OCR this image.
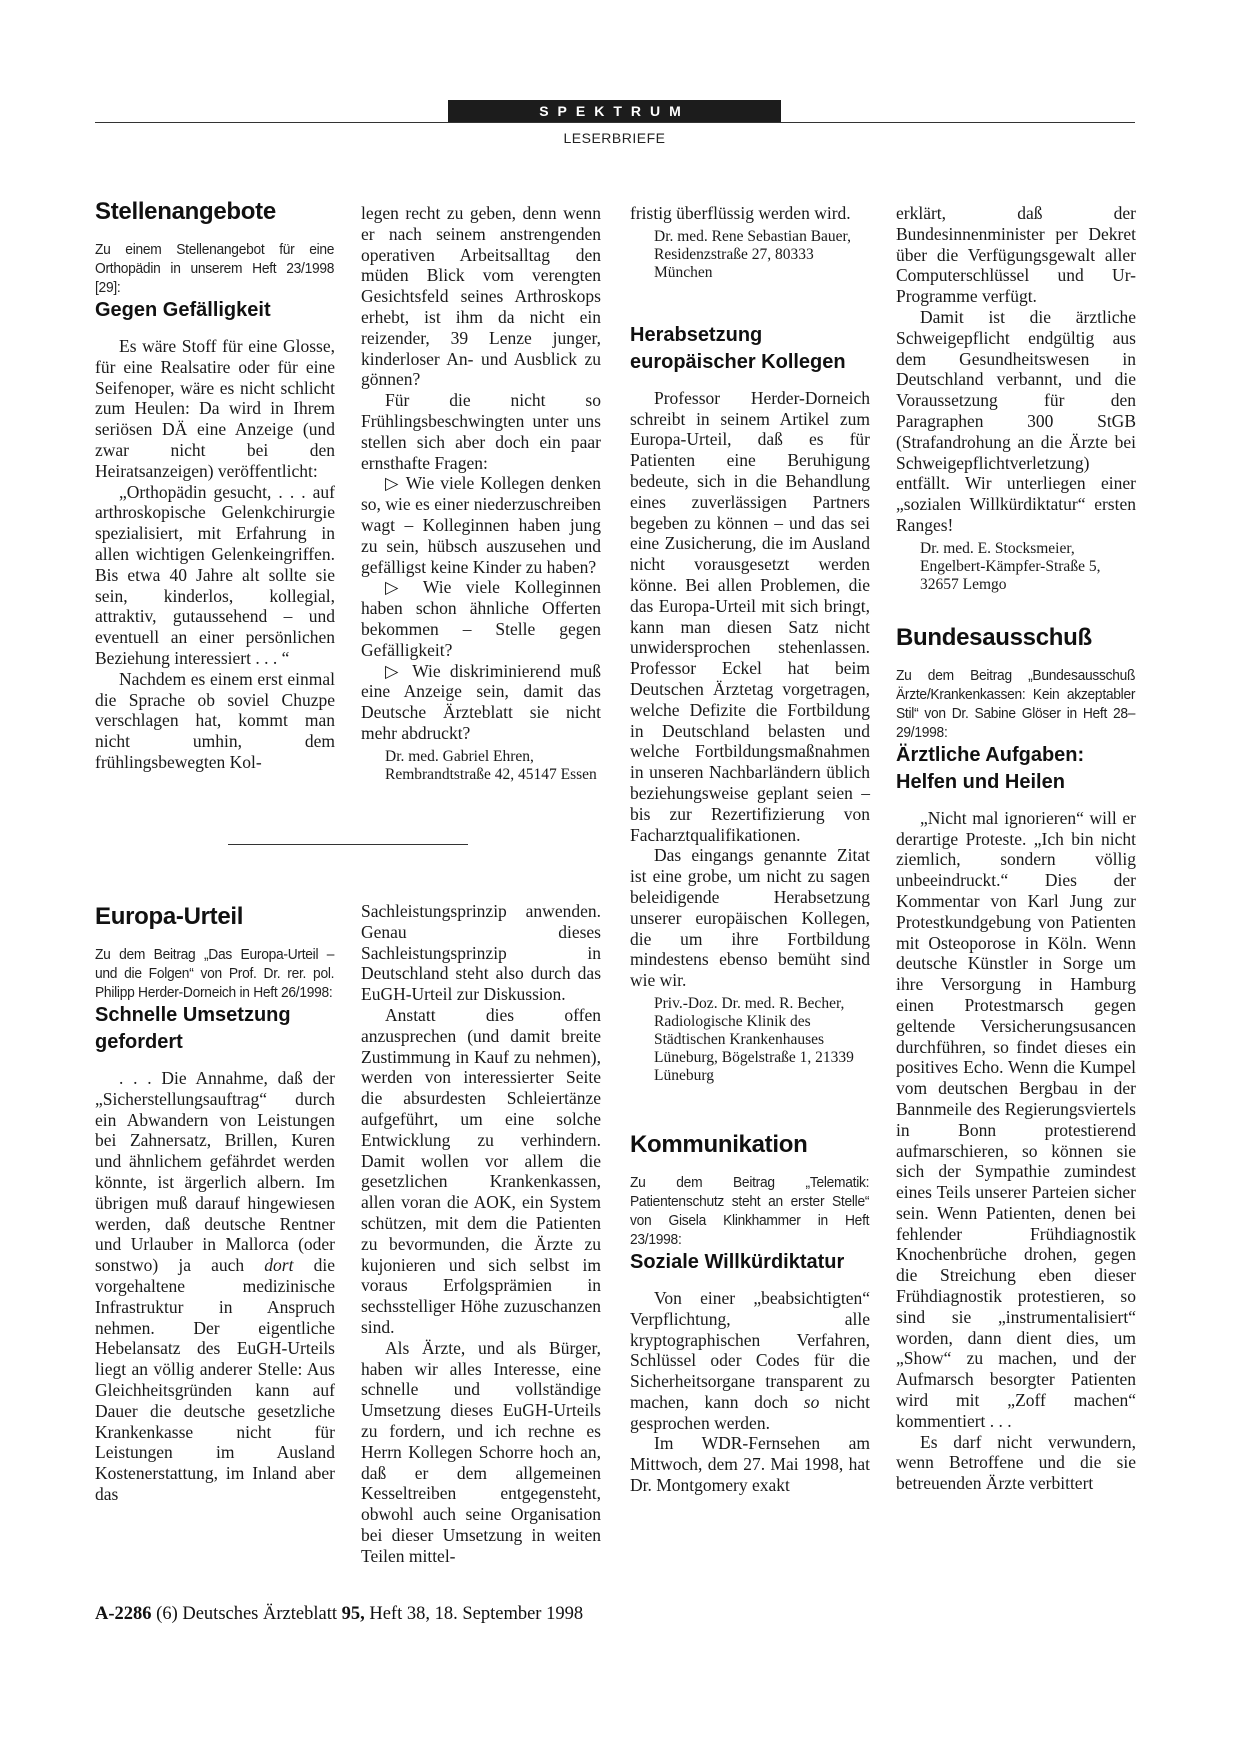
SPEKTRUM
LESERBRIEFE
Stellenangebote

Zu einem Stellenangebot für eine Orthopädin in unserem Heft 23/1998 [29]:

Gegen Gefälligkeit

Es wäre Stoff für eine Glosse, für eine Realsatire oder für eine Seifenoper, wäre es nicht schlicht zum Heulen: Da wird in Ihrem seriösen DÄ eine Anzeige (und zwar nicht bei den Heiratsanzeigen) veröffentlicht:

„Orthopädin gesucht, . . . auf arthroskopische Gelenkchirurgie spezialisiert, mit Erfahrung in allen wichtigen Gelenkeingriffen. Bis etwa 40 Jahre alt sollte sie sein, kinderlos, kollegial, attraktiv, gutaussehend – und eventuell an einer persönlichen Beziehung interessiert . . . “

Nachdem es einem erst einmal die Sprache ob soviel Chuzpe verschlagen hat, kommt man nicht umhin, dem frühlingsbewegten Kol-

legen recht zu geben, denn wenn er nach seinem anstrengenden operativen Arbeitsalltag den müden Blick vom verengten Gesichtsfeld seines Arthroskops erhebt, ist ihm da nicht ein reizender, 39 Lenze junger, kinderloser An- und Ausblick zu gönnen?

Für die nicht so Frühlingsbeschwingten unter uns stellen sich aber doch ein paar ernsthafte Fragen:

▷ Wie viele Kollegen denken so, wie es einer niederzuschreiben wagt – Kolleginnen haben jung zu sein, hübsch auszusehen und gefälligst keine Kinder zu haben?

▷ Wie viele Kolleginnen haben schon ähnliche Offerten bekommen – Stelle gegen Gefälligkeit?

▷ Wie diskriminierend muß eine Anzeige sein, damit das Deutsche Ärzteblatt sie nicht mehr abdruckt?

Dr. med. Gabriel Ehren, Rembrandtstraße 42, 45147 Essen

Europa-Urteil

Zu dem Beitrag „Das Europa-Urteil – und die Folgen“ von Prof. Dr. rer. pol. Philipp Herder-Dorneich in Heft 26/1998:

Schnelle Umsetzung gefordert

. . . Die Annahme, daß der „Sicherstellungsauftrag“ durch ein Abwandern von Leistungen bei Zahnersatz, Brillen, Kuren und ähnlichem gefährdet werden könnte, ist ärgerlich albern. Im übrigen muß darauf hingewiesen werden, daß deutsche Rentner und Urlauber in Mallorca (oder sonstwo) ja auch dort die vorgehaltene medizinische Infrastruktur in Anspruch nehmen. Der eigentliche Hebelansatz des EuGH-Urteils liegt an völlig anderer Stelle: Aus Gleichheitsgründen kann auf Dauer die deutsche gesetzliche Krankenkasse nicht für Leistungen im Ausland Kostenerstattung, im Inland aber das

Sachleistungsprinzip anwenden. Genau dieses Sachleistungsprinzip in Deutschland steht also durch das EuGH-Urteil zur Diskussion.

Anstatt dies offen anzusprechen (und damit breite Zustimmung in Kauf zu nehmen), werden von interessierter Seite die absurdesten Schleiertänze aufgeführt, um eine solche Entwicklung zu verhindern. Damit wollen vor allem die gesetzlichen Krankenkassen, allen voran die AOK, ein System schützen, mit dem die Patienten zu bevormunden, die Ärzte zu kujonieren und sich selbst im voraus Erfolgsprämien in sechsstelliger Höhe zuzuschanzen sind.

Als Ärzte, und als Bürger, haben wir alles Interesse, eine schnelle und vollständige Umsetzung dieses EuGH-Urteils zu fordern, und ich rechne es Herrn Kollegen Schorre hoch an, daß er dem allgemeinen Kesseltreiben entgegensteht, obwohl auch seine Organisation bei dieser Umsetzung in weiten Teilen mittel-

fristig überflüssig werden wird.

Dr. med. Rene Sebastian Bauer, Residenzstraße 27, 80333 München

Herabsetzung europäischer Kollegen

Professor Herder-Dorneich schreibt in seinem Artikel zum Europa-Urteil, daß es für Patienten eine Beruhigung bedeute, sich in die Behandlung eines zuverlässigen Partners begeben zu können – und das sei eine Zusicherung, die im Ausland nicht vorausgesetzt werden könne. Bei allen Problemen, die das Europa-Urteil mit sich bringt, kann man diesen Satz nicht unwidersprochen stehenlassen. Professor Eckel hat beim Deutschen Ärztetag vorgetragen, welche Defizite die Fortbildung in Deutschland belasten und welche Fortbildungsmaßnahmen in unseren Nachbarländern üblich beziehungsweise geplant seien – bis zur Rezertifizierung von Facharztqualifikationen.

Das eingangs genannte Zitat ist eine grobe, um nicht zu sagen beleidigende Herabsetzung unserer europäischen Kollegen, die um ihre Fortbildung mindestens ebenso bemüht sind wie wir.

Priv.-Doz. Dr. med. R. Becher, Radiologische Klinik des Städtischen Krankenhauses Lüneburg, Bögelstraße 1, 21339 Lüneburg

Kommunikation

Zu dem Beitrag „Telematik: Patientenschutz steht an erster Stelle“ von Gisela Klinkhammer in Heft 23/1998:

Soziale Willkürdiktatur

Von einer „beabsichtigten“ Verpflichtung, alle kryptographischen Verfahren, Schlüssel oder Codes für die Sicherheitsorgane transparent zu machen, kann doch so nicht gesprochen werden.

Im WDR-Fernsehen am Mittwoch, dem 27. Mai 1998, hat Dr. Montgomery exakt

erklärt, daß der Bundesinnenminister per Dekret über die Verfügungsgewalt aller Computerschlüssel und Ur-Programme verfügt.

Damit ist die ärztliche Schweigepflicht endgültig aus dem Gesundheitswesen in Deutschland verbannt, und die Voraussetzung für den Paragraphen 300 StGB (Strafandrohung an die Ärzte bei Schweigepflichtverletzung) entfällt. Wir unterliegen einer „sozialen Willkürdiktatur“ ersten Ranges!

Dr. med. E. Stocksmeier, Engelbert-Kämpfer-Straße 5, 32657 Lemgo

Bundesausschuß

Zu dem Beitrag „Bundesausschuß Ärzte/Krankenkassen: Kein akzeptabler Stil“ von Dr. Sabine Glöser in Heft 28–29/1998:

Ärztliche Aufgaben: Helfen und Heilen

„Nicht mal ignorieren“ will er derartige Proteste. „Ich bin nicht ziemlich, sondern völlig unbeeindruckt.“ Dies der Kommentar von Karl Jung zur Protestkundgebung von Patienten mit Osteoporose in Köln. Wenn deutsche Künstler in Sorge um ihre Versorgung in Hamburg einen Protestmarsch gegen geltende Versicherungsusancen durchführen, so findet dieses ein positives Echo. Wenn die Kumpel vom deutschen Bergbau in der Bannmeile des Regierungsviertels in Bonn protestierend aufmarschieren, so können sie sich der Sympathie zumindest eines Teils unserer Parteien sicher sein. Wenn Patienten, denen bei fehlender Frühdiagnostik Knochenbrüche drohen, gegen die Streichung eben dieser Frühdiagnostik protestieren, so sind sie „instrumentalisiert“ worden, dann dient dies, um „Show“ zu machen, und der Aufmarsch besorgter Patienten wird mit „Zoff machen“ kommentiert . . .

Es darf nicht verwundern, wenn Betroffene und die sie betreuenden Ärzte verbittert

A-2286 (6) Deutsches Ärzteblatt 95, Heft 38, 18. September 1998
